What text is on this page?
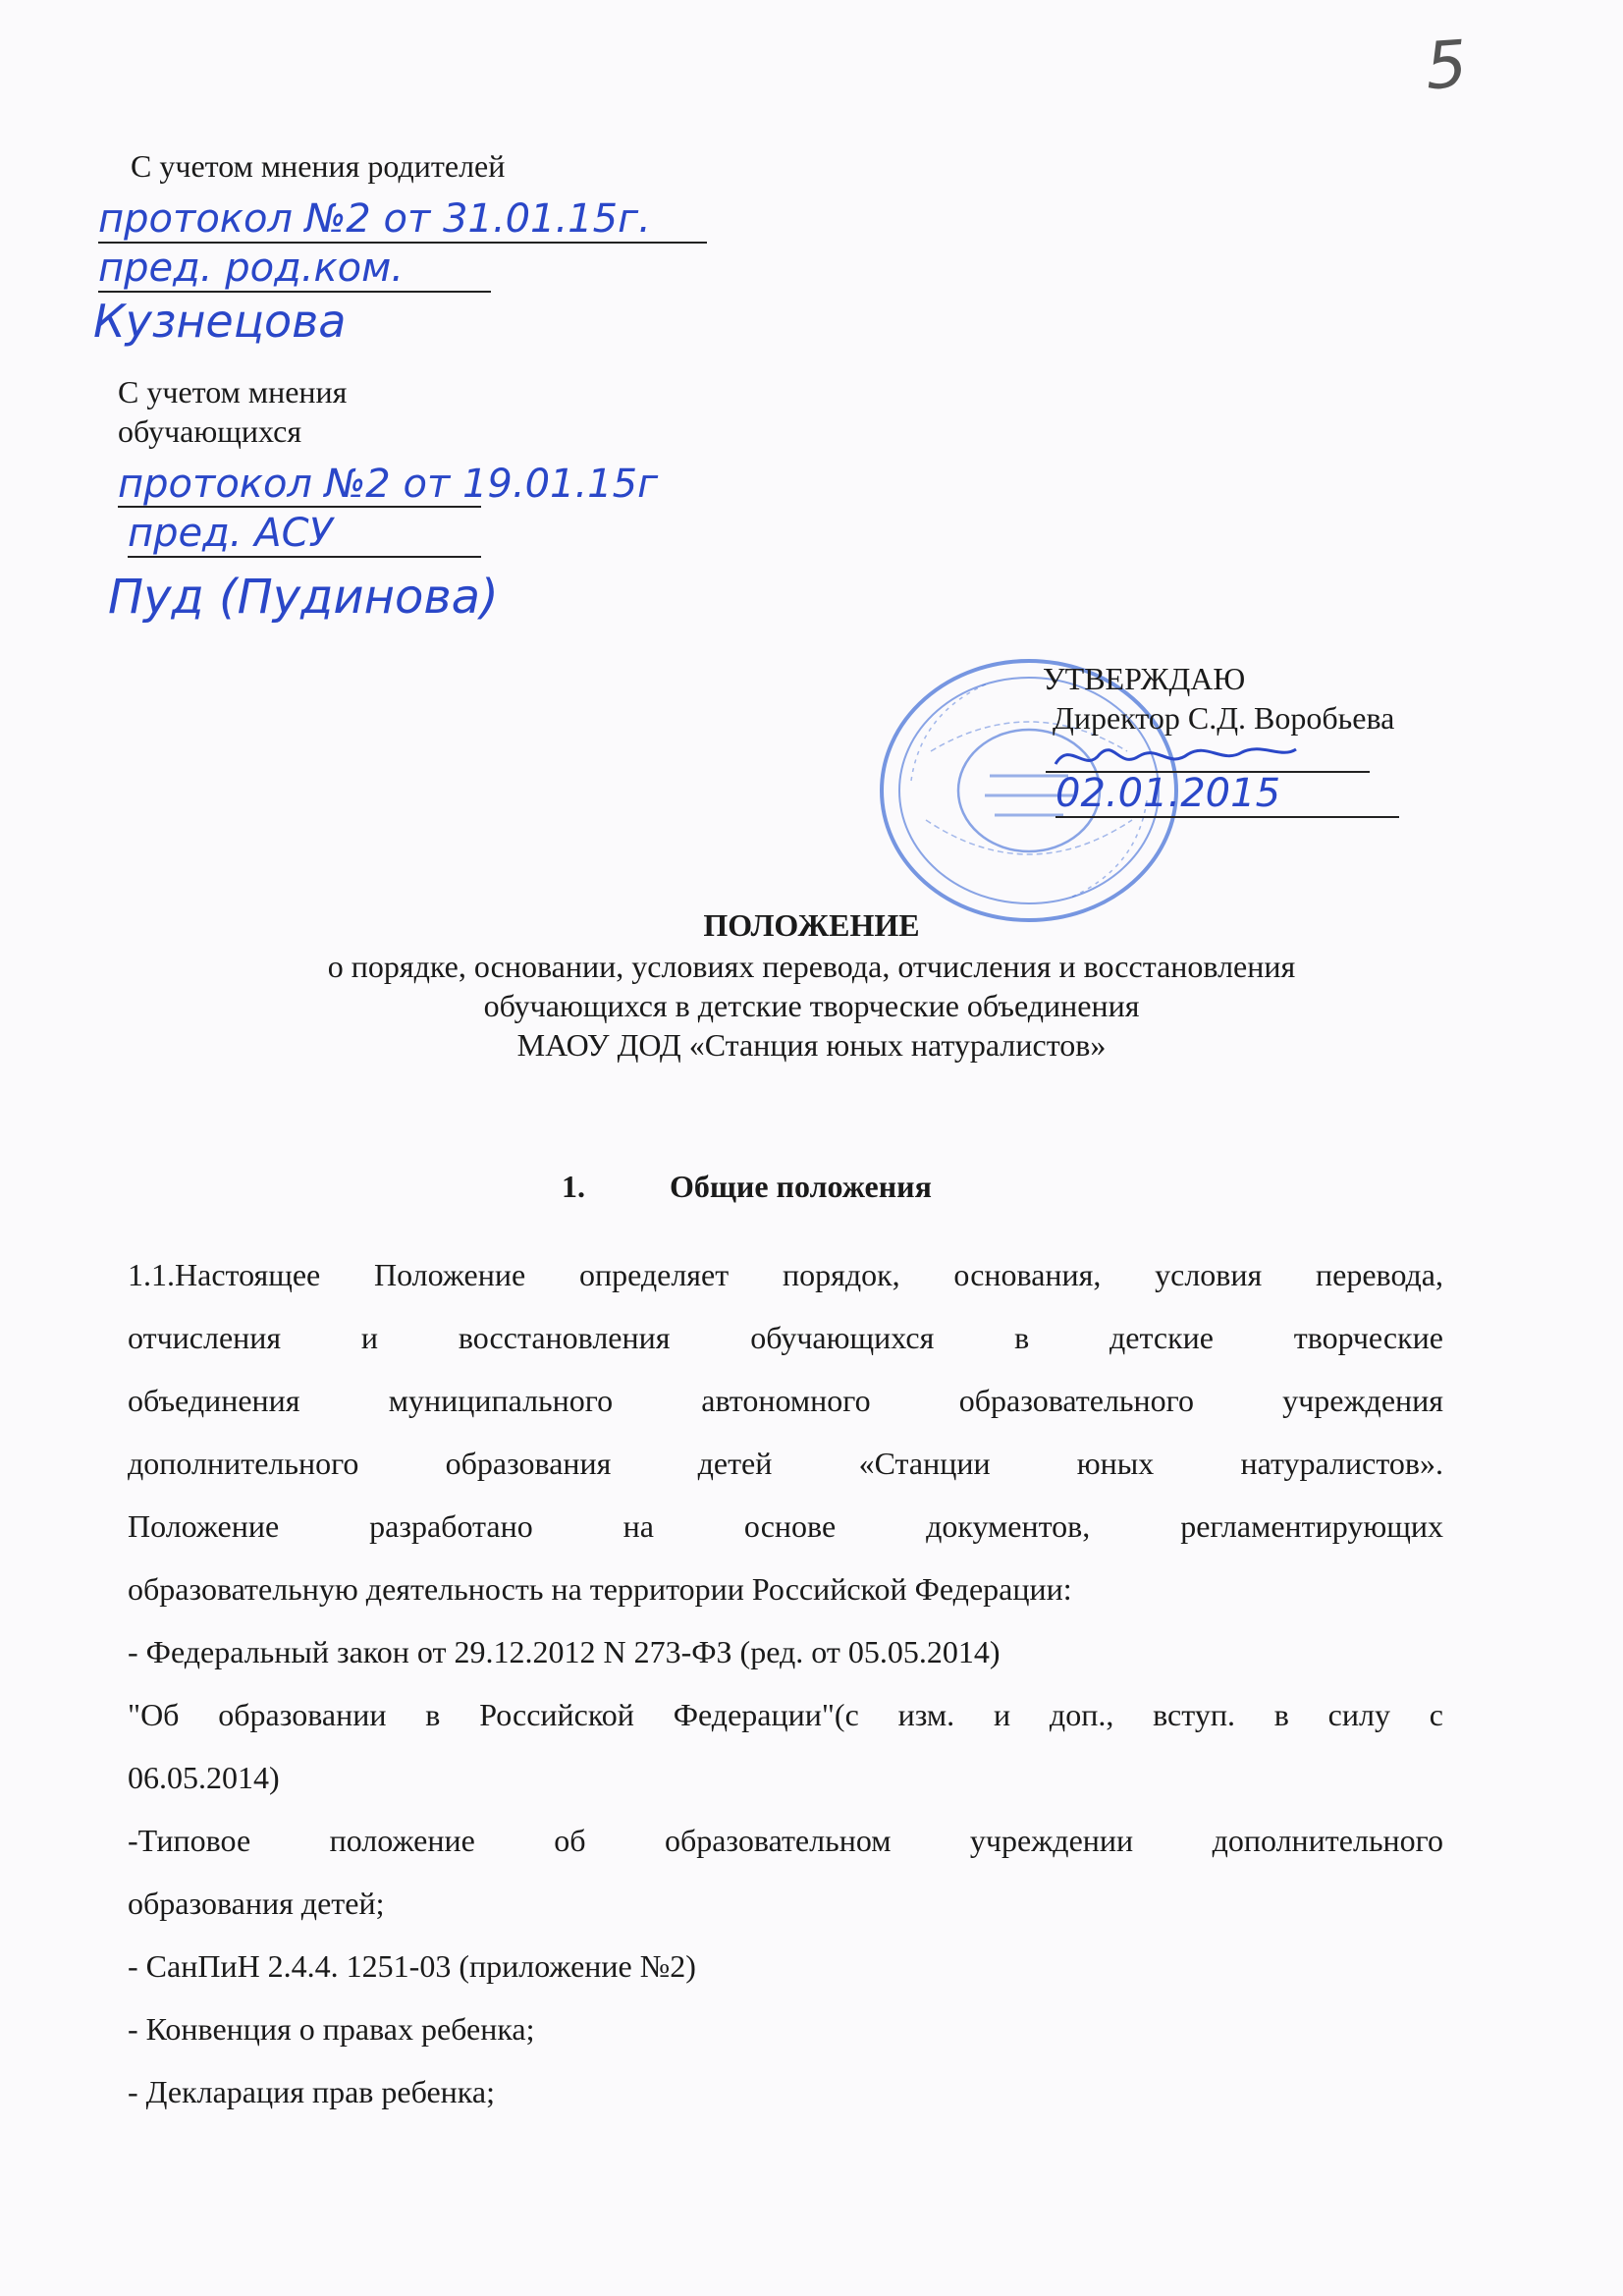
5
С учетом мнения родителей
протокол №2 от 31.01.15г.
пред. род.ком.
Кузнецова
С учетом мнения
обучающихся
протокол №2 от 19.01.15г
пред. АСУ
Пуд (Пудинова)
УТВЕРЖДАЮ
Директор С.Д. Воробьева
02.01.2015
ПОЛОЖЕНИЕ
о порядке, основании, условиях перевода, отчисления и восстановления
обучающихся в детские творческие объединения
МАОУ ДОД «Станция юных натуралистов»
1.	Общие положения

1.1.Настоящее Положение определяет порядок, основания, условия перевода,

отчисления и восстановления обучающихся в детские творческие

объединения муниципального автономного образовательного учреждения

дополнительного образования детей «Станции юных натуралистов».

Положение разработано на основе документов, регламентирующих

образовательную деятельность на территории Российской Федерации:

- Федеральный закон от 29.12.2012 N 273-ФЗ (ред. от 05.05.2014)

"Об образовании в Российской Федерации"(с изм. и доп., вступ. в силу с

06.05.2014)

-Типовое положение об образовательном учреждении дополнительного

образования детей;

- СанПиН 2.4.4. 1251-03 (приложение №2)

- Конвенция о правах ребенка;

- Декларация прав ребенка;
